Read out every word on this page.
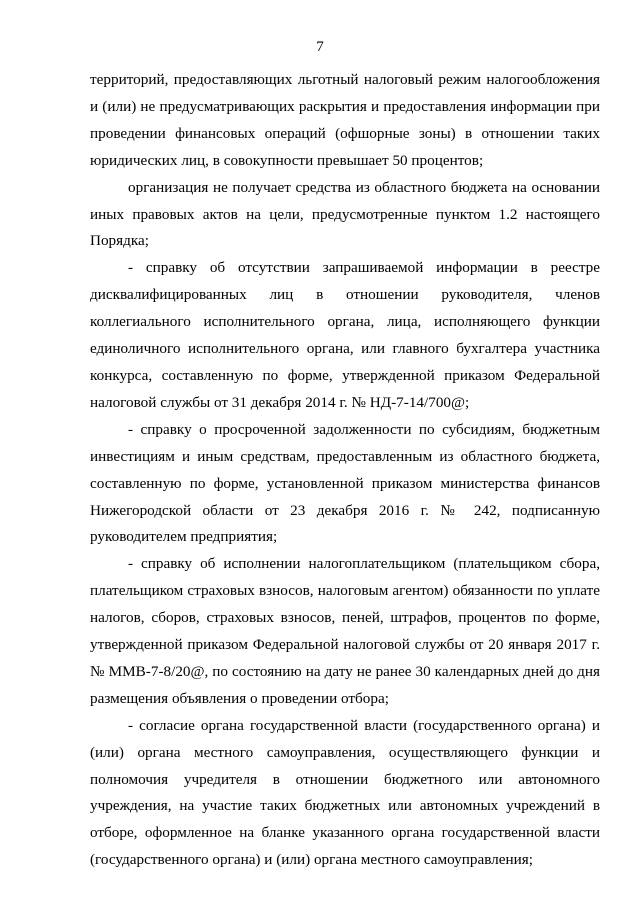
7

территорий, предоставляющих льготный налоговый режим налогообложения и (или) не предусматривающих раскрытия и предоставления информации при проведении финансовых операций (офшорные зоны) в отношении таких юридических лиц, в совокупности превышает 50 процентов;

организация не получает средства из областного бюджета на основании иных правовых актов на цели, предусмотренные пунктом 1.2 настоящего Порядка;

- справку об отсутствии запрашиваемой информации в реестре дисквалифицированных лиц в отношении руководителя, членов коллегиального исполнительного органа, лица, исполняющего функции единоличного исполнительного органа, или главного бухгалтера участника конкурса, составленную по форме, утвержденной приказом Федеральной налоговой службы от 31 декабря 2014 г. № НД-7-14/700@;

- справку о просроченной задолженности по субсидиям, бюджетным инвестициям и иным средствам, предоставленным из областного бюджета, составленную по форме, установленной приказом министерства финансов Нижегородской области от 23 декабря 2016 г. № 242, подписанную руководителем предприятия;

- справку об исполнении налогоплательщиком (плательщиком сбора, плательщиком страховых взносов, налоговым агентом) обязанности по уплате налогов, сборов, страховых взносов, пеней, штрафов, процентов по форме, утвержденной приказом Федеральной налоговой службы от 20 января 2017 г. № ММВ-7-8/20@, по состоянию на дату не ранее 30 календарных дней до дня размещения объявления о проведении отбора;

- согласие органа государственной власти (государственного органа) и (или) органа местного самоуправления, осуществляющего функции и полномочия учредителя в отношении бюджетного или автономного учреждения, на участие таких бюджетных или автономных учреждений в отборе, оформленное на бланке указанного органа государственной власти (государственного органа) и (или) органа местного самоуправления;
